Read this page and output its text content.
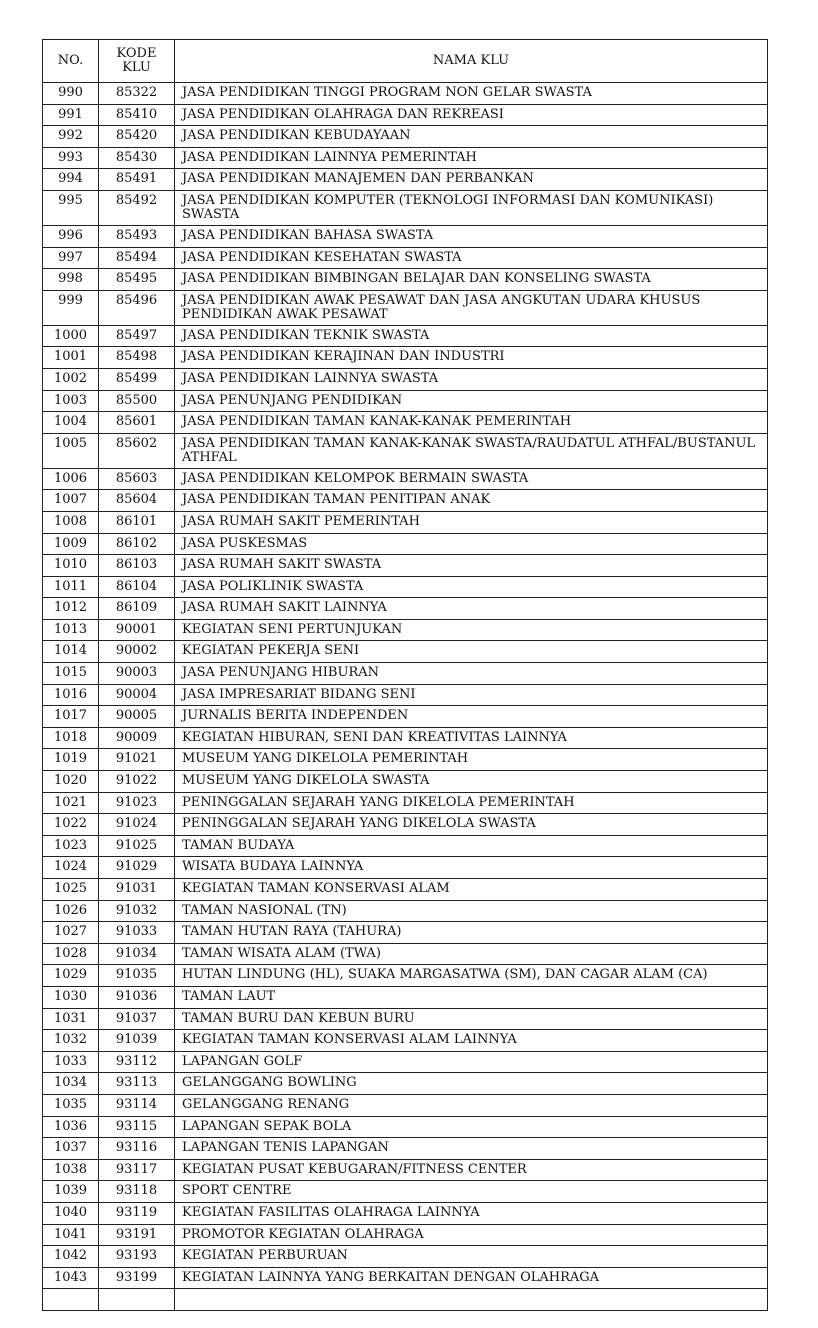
NO.	KODE KLU	NAMA KLU
990	85322	JASA PENDIDIKAN TINGGI PROGRAM NON GELAR SWASTA
991	85410	JASA PENDIDIKAN OLAHRAGA DAN REKREASI
992	85420	JASA PENDIDIKAN KEBUDAYAAN
993	85430	JASA PENDIDIKAN LAINNYA PEMERINTAH
994	85491	JASA PENDIDIKAN MANAJEMEN DAN PERBANKAN
995	85492	JASA PENDIDIKAN KOMPUTER (TEKNOLOGI INFORMASI DAN KOMUNIKASI) SWASTA
996	85493	JASA PENDIDIKAN BAHASA SWASTA
997	85494	JASA PENDIDIKAN KESEHATAN SWASTA
998	85495	JASA PENDIDIKAN BIMBINGAN BELAJAR DAN KONSELING SWASTA
999	85496	JASA PENDIDIKAN AWAK PESAWAT DAN JASA ANGKUTAN UDARA KHUSUS PENDIDIKAN AWAK PESAWAT
1000	85497	JASA PENDIDIKAN TEKNIK SWASTA
1001	85498	JASA PENDIDIKAN KERAJINAN DAN INDUSTRI
1002	85499	JASA PENDIDIKAN LAINNYA SWASTA
1003	85500	JASA PENUNJANG PENDIDIKAN
1004	85601	JASA PENDIDIKAN TAMAN KANAK-KANAK PEMERINTAH
1005	85602	JASA PENDIDIKAN TAMAN KANAK-KANAK SWASTA/RAUDATUL ATHFAL/BUSTANUL ATHFAL
1006	85603	JASA PENDIDIKAN KELOMPOK BERMAIN SWASTA
1007	85604	JASA PENDIDIKAN TAMAN PENITIPAN ANAK
1008	86101	JASA RUMAH SAKIT PEMERINTAH
1009	86102	JASA PUSKESMAS
1010	86103	JASA RUMAH SAKIT SWASTA
1011	86104	JASA POLIKLINIK SWASTA
1012	86109	JASA RUMAH SAKIT LAINNYA
1013	90001	KEGIATAN SENI PERTUNJUKAN
1014	90002	KEGIATAN PEKERJA SENI
1015	90003	JASA PENUNJANG HIBURAN
1016	90004	JASA IMPRESARIAT BIDANG SENI
1017	90005	JURNALIS BERITA INDEPENDEN
1018	90009	KEGIATAN HIBURAN, SENI DAN KREATIVITAS LAINNYA
1019	91021	MUSEUM YANG DIKELOLA PEMERINTAH
1020	91022	MUSEUM YANG DIKELOLA SWASTA
1021	91023	PENINGGALAN SEJARAH YANG DIKELOLA PEMERINTAH
1022	91024	PENINGGALAN SEJARAH YANG DIKELOLA SWASTA
1023	91025	TAMAN BUDAYA
1024	91029	WISATA BUDAYA LAINNYA
1025	91031	KEGIATAN TAMAN KONSERVASI ALAM
1026	91032	TAMAN NASIONAL (TN)
1027	91033	TAMAN HUTAN RAYA (TAHURA)
1028	91034	TAMAN WISATA ALAM (TWA)
1029	91035	HUTAN LINDUNG (HL), SUAKA MARGASATWA (SM), DAN CAGAR ALAM (CA)
1030	91036	TAMAN LAUT
1031	91037	TAMAN BURU DAN KEBUN BURU
1032	91039	KEGIATAN TAMAN KONSERVASI ALAM LAINNYA
1033	93112	LAPANGAN GOLF
1034	93113	GELANGGANG BOWLING
1035	93114	GELANGGANG RENANG
1036	93115	LAPANGAN SEPAK BOLA
1037	93116	LAPANGAN TENIS LAPANGAN
1038	93117	KEGIATAN PUSAT KEBUGARAN/FITNESS CENTER
1039	93118	SPORT CENTRE
1040	93119	KEGIATAN FASILITAS OLAHRAGA LAINNYA
1041	93191	PROMOTOR KEGIATAN OLAHRAGA
1042	93193	KEGIATAN PERBURUAN
1043	93199	KEGIATAN LAINNYA YANG BERKAITAN DENGAN OLAHRAGA
